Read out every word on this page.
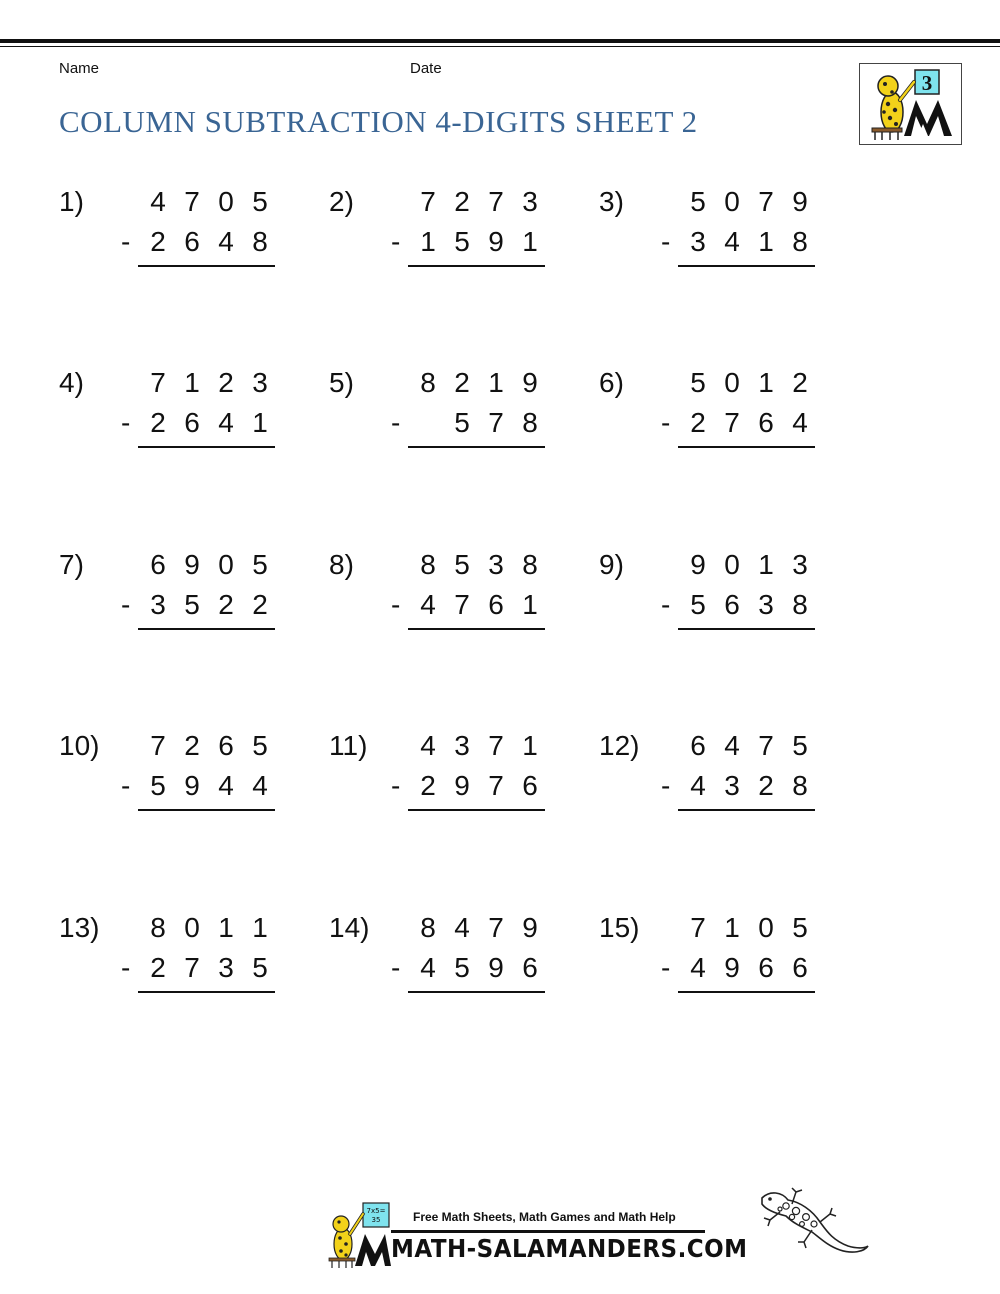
Name	Date
COLUMN SUBTRACTION 4-DIGITS SHEET 2
3
1) 4 7 0 5
2 6 4 8
-
2) 7 2 7 3
1 5 9 1
-
3) 5 0 7 9
3 4 1 8
-
4) 7 1 2 3
2 6 4 1
-
5) 8 2 1 9
5 7 8
-
6) 5 0 1 2
2 7 6 4
-
7) 6 9 0 5
3 5 2 2
-
8) 8 5 3 8
4 7 6 1
-
9) 9 0 1 3
5 6 3 8
-
10) 7 2 6 5
5 9 4 4
-
11) 4 3 7 1
2 9 7 6
-
12) 6 4 7 5
4 3 2 8
-
13) 8 0 1 1
2 7 3 5
-
14) 8 4 7 9
4 5 9 6
-
15) 7 1 0 5
4 9 6 6
-
7x5=
35	Free Math Sheets, Math Games and Math Help
MATH-SALAMANDERS.COM
